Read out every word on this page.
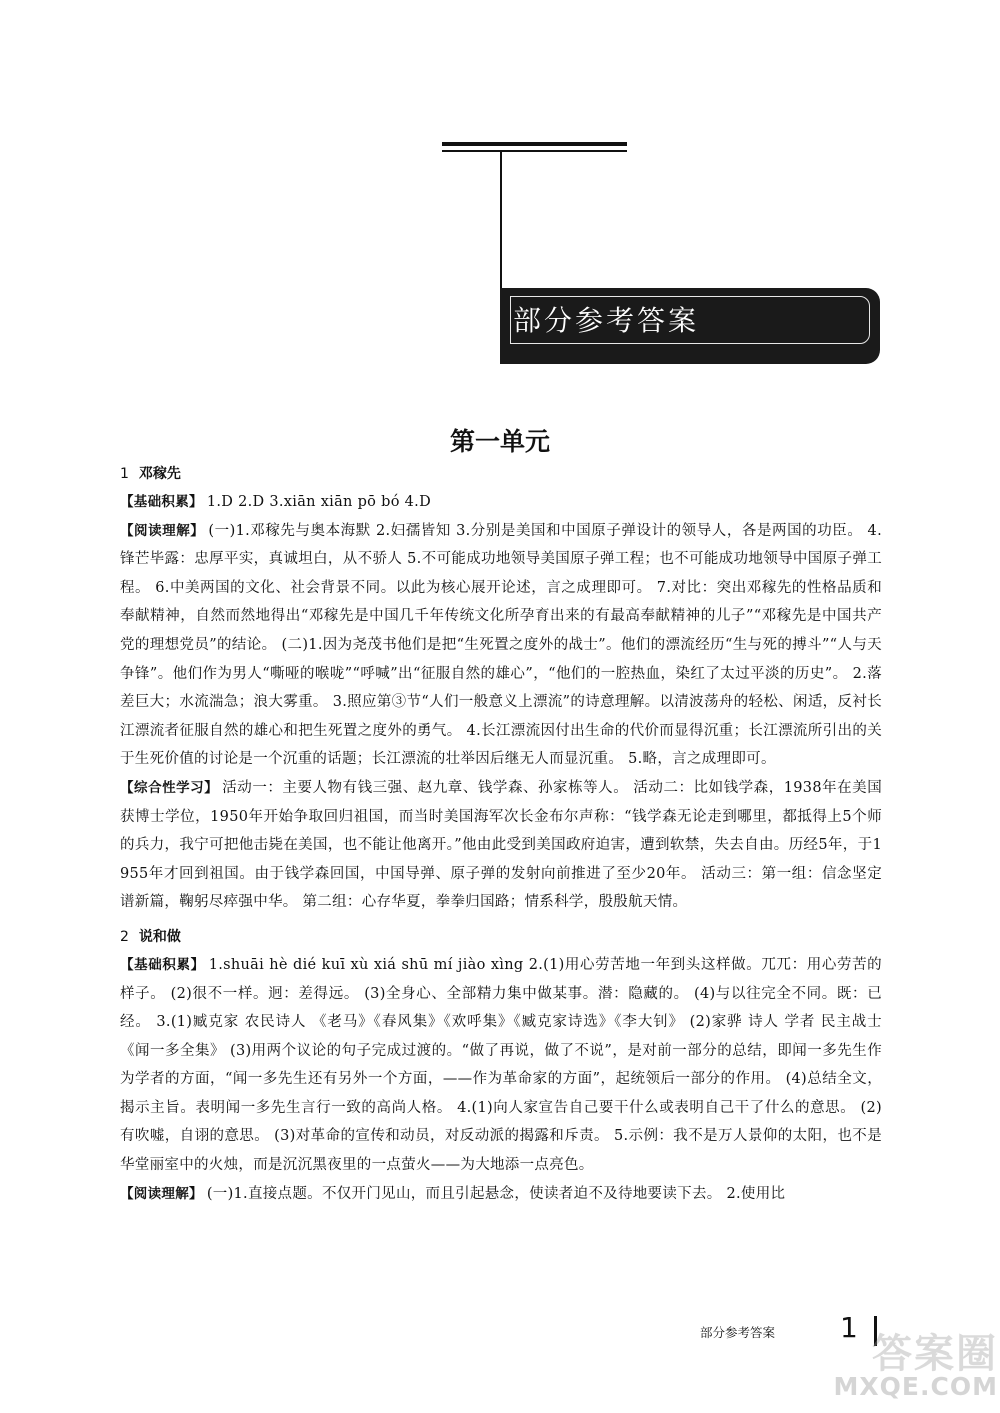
部分参考答案
第一单元
1 邓稼先
【基础积累】 1.D 2.D 3.xiān xiān pō bó 4.D
【阅读理解】 (一)1.邓稼先与奥本海默 2.妇孺皆知 3.分别是美国和中国原子弹设计的领导人，各是两国的功臣。 4.锋芒毕露：忠厚平实，真诚坦白，从不骄人 5.不可能成功地领导美国原子弹工程；也不可能成功地领导中国原子弹工程。 6.中美两国的文化、社会背景不同。以此为核心展开论述，言之成理即可。 7.对比：突出邓稼先的性格品质和奉献精神，自然而然地得出“邓稼先是中国几千年传统文化所孕育出来的有最高奉献精神的儿子”“邓稼先是中国共产党的理想党员”的结论。 (二)1.因为尧茂书他们是把“生死置之度外的战士”。他们的漂流经历“生与死的搏斗”“人与天争锋”。他们作为男人“嘶哑的喉咙”“呼喊”出“征服自然的雄心”，“他们的一腔热血，染红了太过平淡的历史”。 2.落差巨大；水流湍急；浪大雾重。 3.照应第③节“人们一般意义上漂流”的诗意理解。以清波荡舟的轻松、闲适，反衬长江漂流者征服自然的雄心和把生死置之度外的勇气。 4.长江漂流因付出生命的代价而显得沉重；长江漂流所引出的关于生死价值的讨论是一个沉重的话题；长江漂流的壮举因后继无人而显沉重。 5.略，言之成理即可。
【综合性学习】 活动一：主要人物有钱三强、赵九章、钱学森、孙家栋等人。 活动二：比如钱学森，1938年在美国获博士学位，1950年开始争取回归祖国，而当时美国海军次长金布尔声称：“钱学森无论走到哪里，都抵得上5个师的兵力，我宁可把他击毙在美国，也不能让他离开。”他由此受到美国政府迫害，遭到软禁，失去自由。历经5年，于1955年才回到祖国。由于钱学森回国，中国导弹、原子弹的发射向前推进了至少20年。 活动三：第一组：信念坚定谱新篇，鞠躬尽瘁强中华。 第二组：心存华夏，拳拳归国路；情系科学，殷殷航天情。
2 说和做
【基础积累】 1.shuāi hè dié kuī xù xiá shū mí jiào xìng 2.(1)用心劳苦地一年到头这样做。兀兀：用心劳苦的样子。 (2)很不一样。迥：差得远。 (3)全身心、全部精力集中做某事。潜：隐藏的。 (4)与以往完全不同。既：已经。 3.(1)臧克家 农民诗人 《老马》《春风集》《欢呼集》《臧克家诗选》《李大钊》 (2)家骅 诗人 学者 民主战士 《闻一多全集》 (3)用两个议论的句子完成过渡的。“做了再说，做了不说”，是对前一部分的总结，即闻一多先生作为学者的方面，“闻一多先生还有另外一个方面，——作为革命家的方面”，起统领后一部分的作用。 (4)总结全文，揭示主旨。表明闻一多先生言行一致的高尚人格。 4.(1)向人家宣告自己要干什么或表明自己干了什么的意思。 (2)有吹嘘，自诩的意思。 (3)对革命的宣传和动员，对反动派的揭露和斥责。 5.示例：我不是万人景仰的太阳，也不是华堂丽室中的火烛，而是沉沉黑夜里的一点萤火——为大地添一点亮色。
【阅读理解】 (一)1.直接点题。不仅开门见山，而且引起悬念，使读者迫不及待地要读下去。 2.使用比
部分参考答案 1
答案圈
MXQE.COM
